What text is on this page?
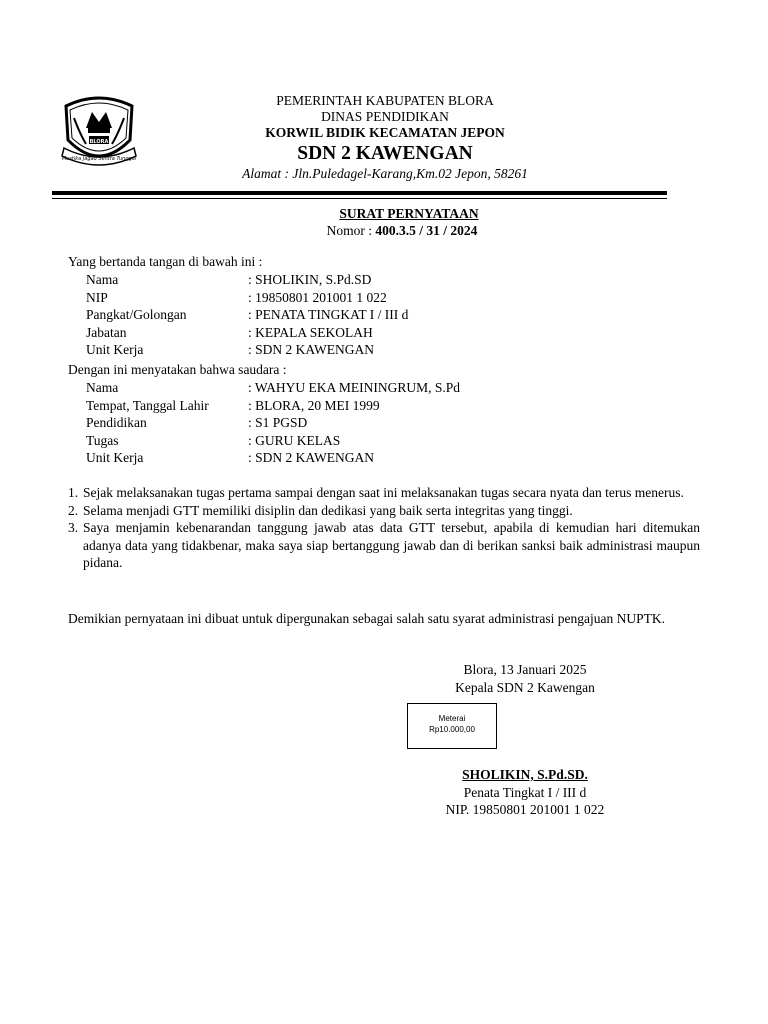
BLORA
Mustika Jagad Sentra Tunggal
PEMERINTAH KABUPATEN BLORA
DINAS PENDIDIKAN
KORWIL BIDIK KECAMATAN JEPON
SDN 2 KAWENGAN
Alamat : Jln.Puledagel-Karang,Km.02 Jepon, 58261
SURAT PERNYATAAN
Nomor : 400.3.5 / 31 / 2024
Yang bertanda tangan di bawah ini :
Nama	: SHOLIKIN, S.Pd.SD
NIP	: 19850801 201001 1 022
Pangkat/Golongan	: PENATA TINGKAT I / III d
Jabatan	: KEPALA SEKOLAH
Unit Kerja	: SDN 2 KAWENGAN
Dengan ini menyatakan bahwa saudara :
Nama	: WAHYU EKA MEININGRUM, S.Pd
Tempat, Tanggal Lahir	: BLORA, 20 MEI 1999
Pendidikan	: S1 PGSD
Tugas	: GURU KELAS
Unit Kerja	: SDN 2 KAWENGAN
1. Sejak melaksanakan tugas pertama sampai dengan saat ini melaksanakan tugas secara nyata dan terus menerus.
2. Selama menjadi GTT memiliki disiplin dan dedikasi yang baik serta integritas yang tinggi.
3. Saya menjamin kebenarandan tanggung jawab atas data GTT tersebut, apabila di kemudian hari ditemukan adanya data yang tidakbenar, maka saya siap bertanggung jawab dan di berikan sanksi baik administrasi maupun pidana.
Demikian pernyataan ini dibuat untuk dipergunakan sebagai salah satu syarat administrasi pengajuan NUPTK.
Blora, 13 Januari 2025
Kepala SDN 2 Kawengan
Meterai
Rp10.000,00
SHOLIKIN, S.Pd.SD.
Penata Tingkat I / III d
NIP. 19850801 201001 1 022
